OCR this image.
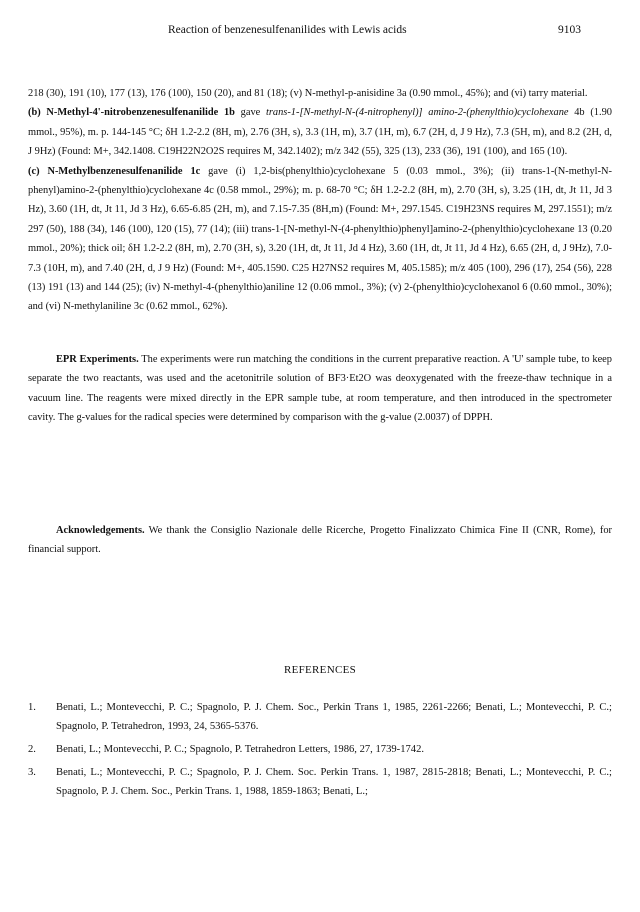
Reaction of benzenesulfenanilides with Lewis acids	9103

218 (30), 191 (10), 177 (13), 176 (100), 150 (20), and 81 (18); (v) N-methyl-p-anisidine 3a (0.90 mmol., 45%); and (vi) tarry material.

(b) N-Methyl-4'-nitrobenzenesulfenanilide 1b gave trans-1-[N-methyl-N-(4-nitrophenyl)] amino-2-(phenylthio)cyclohexane 4b (1.90 mmol., 95%), m. p. 144-145 °C; δH 1.2-2.2 (8H, m), 2.76 (3H, s), 3.3 (1H, m), 3.7 (1H, m), 6.7 (2H, d, J 9 Hz), 7.3 (5H, m), and 8.2 (2H, d, J 9Hz) (Found: M+, 342.1408. C19H22N2O2S requires M, 342.1402); m/z 342 (55), 325 (13), 233 (36), 191 (100), and 165 (10).

(c) N-Methylbenzenesulfenanilide 1c gave (i) 1,2-bis(phenylthio)cyclohexane 5 (0.03 mmol., 3%); (ii) trans-1-(N-methyl-N-phenyl)amino-2-(phenylthio)cyclohexane 4c (0.58 mmol., 29%); m. p. 68-70 °C; δH 1.2-2.2 (8H, m), 2.70 (3H, s), 3.25 (1H, dt, Jt 11, Jd 3 Hz), 3.60 (1H, dt, Jt 11, Jd 3 Hz), 6.65-6.85 (2H, m), and 7.15-7.35 (8H,m) (Found: M+, 297.1545. C19H23NS requires M, 297.1551); m/z 297 (50), 188 (34), 146 (100), 120 (15), 77 (14); (iii) trans-1-[N-methyl-N-(4-phenylthio)phenyl]amino-2-(phenylthio)cyclohexane 13 (0.20 mmol., 20%); thick oil; δH 1.2-2.2 (8H, m), 2.70 (3H, s), 3.20 (1H, dt, Jt 11, Jd 4 Hz), 3.60 (1H, dt, Jt 11, Jd 4 Hz), 6.65 (2H, d, J 9Hz), 7.0-7.3 (10H, m), and 7.40 (2H, d, J 9 Hz) (Found: M+, 405.1590. C25 H27NS2 requires M, 405.1585); m/z 405 (100), 296 (17), 254 (56), 228 (13) 191 (13) and 144 (25); (iv) N-methyl-4-(phenylthio)aniline 12 (0.06 mmol., 3%); (v) 2-(phenylthio)cyclohexanol 6 (0.60 mmol., 30%); and (vi) N-methylaniline 3c (0.62 mmol., 62%).

EPR Experiments. The experiments were run matching the conditions in the current preparative reaction. A 'U' sample tube, to keep separate the two reactants, was used and the acetonitrile solution of BF3·Et2O was deoxygenated with the freeze-thaw technique in a vacuum line. The reagents were mixed directly in the EPR sample tube, at room temperature, and then introduced in the spectrometer cavity. The g-values for the radical species were determined by comparison with the g-value (2.0037) of DPPH.

Acknowledgements. We thank the Consiglio Nazionale delle Ricerche, Progetto Finalizzato Chimica Fine II (CNR, Rome), for financial support.

REFERENCES
1.	Benati, L.; Montevecchi, P. C.; Spagnolo, P. J. Chem. Soc., Perkin Trans 1, 1985, 2261-2266; Benati, L.; Montevecchi, P. C.; Spagnolo, P. Tetrahedron, 1993, 24, 5365-5376.
2.	Benati, L.; Montevecchi, P. C.; Spagnolo, P. Tetrahedron Letters, 1986, 27, 1739-1742.
3.	Benati, L.; Montevecchi, P. C.; Spagnolo, P. J. Chem. Soc. Perkin Trans. 1, 1987, 2815-2818; Benati, L.; Montevecchi, P. C.; Spagnolo, P. J. Chem. Soc., Perkin Trans. 1, 1988, 1859-1863; Benati, L.;
